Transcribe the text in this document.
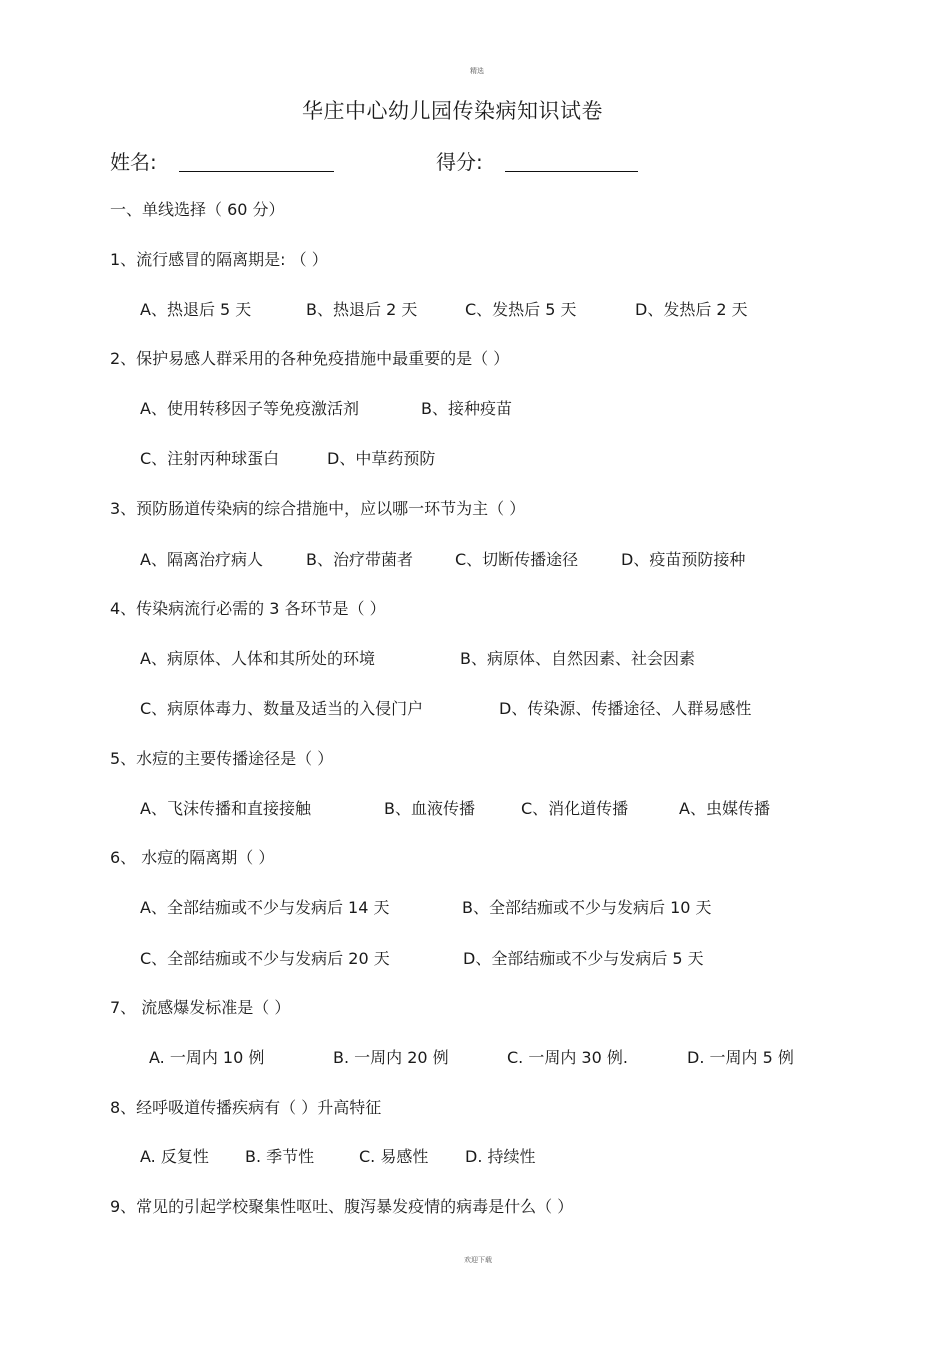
精选
华庄中心幼儿园传染病知识试卷
姓名:	得分:
一、单线选择（ 60 分）
1、流行感冒的隔离期是: （ ）
A、热退后 5 天	B、热退后 2 天	C、发热后 5 天	D、发热后 2 天
2、保护易感人群采用的各种免疫措施中最重要的是（ ）
A、使用转移因子等免疫激活剂	B、接种疫苗
C、注射丙种球蛋白	D、中草药预防
3、预防肠道传染病的综合措施中，应以哪一环节为主（ ）
A、隔离治疗病人	B、治疗带菌者	C、切断传播途径	D、疫苗预防接种
4、传染病流行必需的 3 各环节是（ ）
A、病原体、人体和其所处的环境	B、病原体、自然因素、社会因素
C、病原体毒力、数量及适当的入侵门户	D、传染源、传播途径、人群易感性
5、水痘的主要传播途径是（ ）
A、飞沫传播和直接接触	B、血液传播	C、消化道传播	A、虫媒传播
6、 水痘的隔离期（ ）
A、全部结痂或不少与发病后 14 天	B、全部结痂或不少与发病后 10 天
C、全部结痂或不少与发病后 20 天	D、全部结痂或不少与发病后 5 天
7、 流感爆发标准是（ ）
A. 一周内 10 例	B. 一周内 20 例	C. 一周内 30 例.	D. 一周内 5 例
8、经呼吸道传播疾病有（ ）升高特征
A. 反复性 B. 季节性	C. 易感性 D. 持续性
9、常见的引起学校聚集性呕吐、腹泻暴发疫情的病毒是什么（ ）
欢迎下载
